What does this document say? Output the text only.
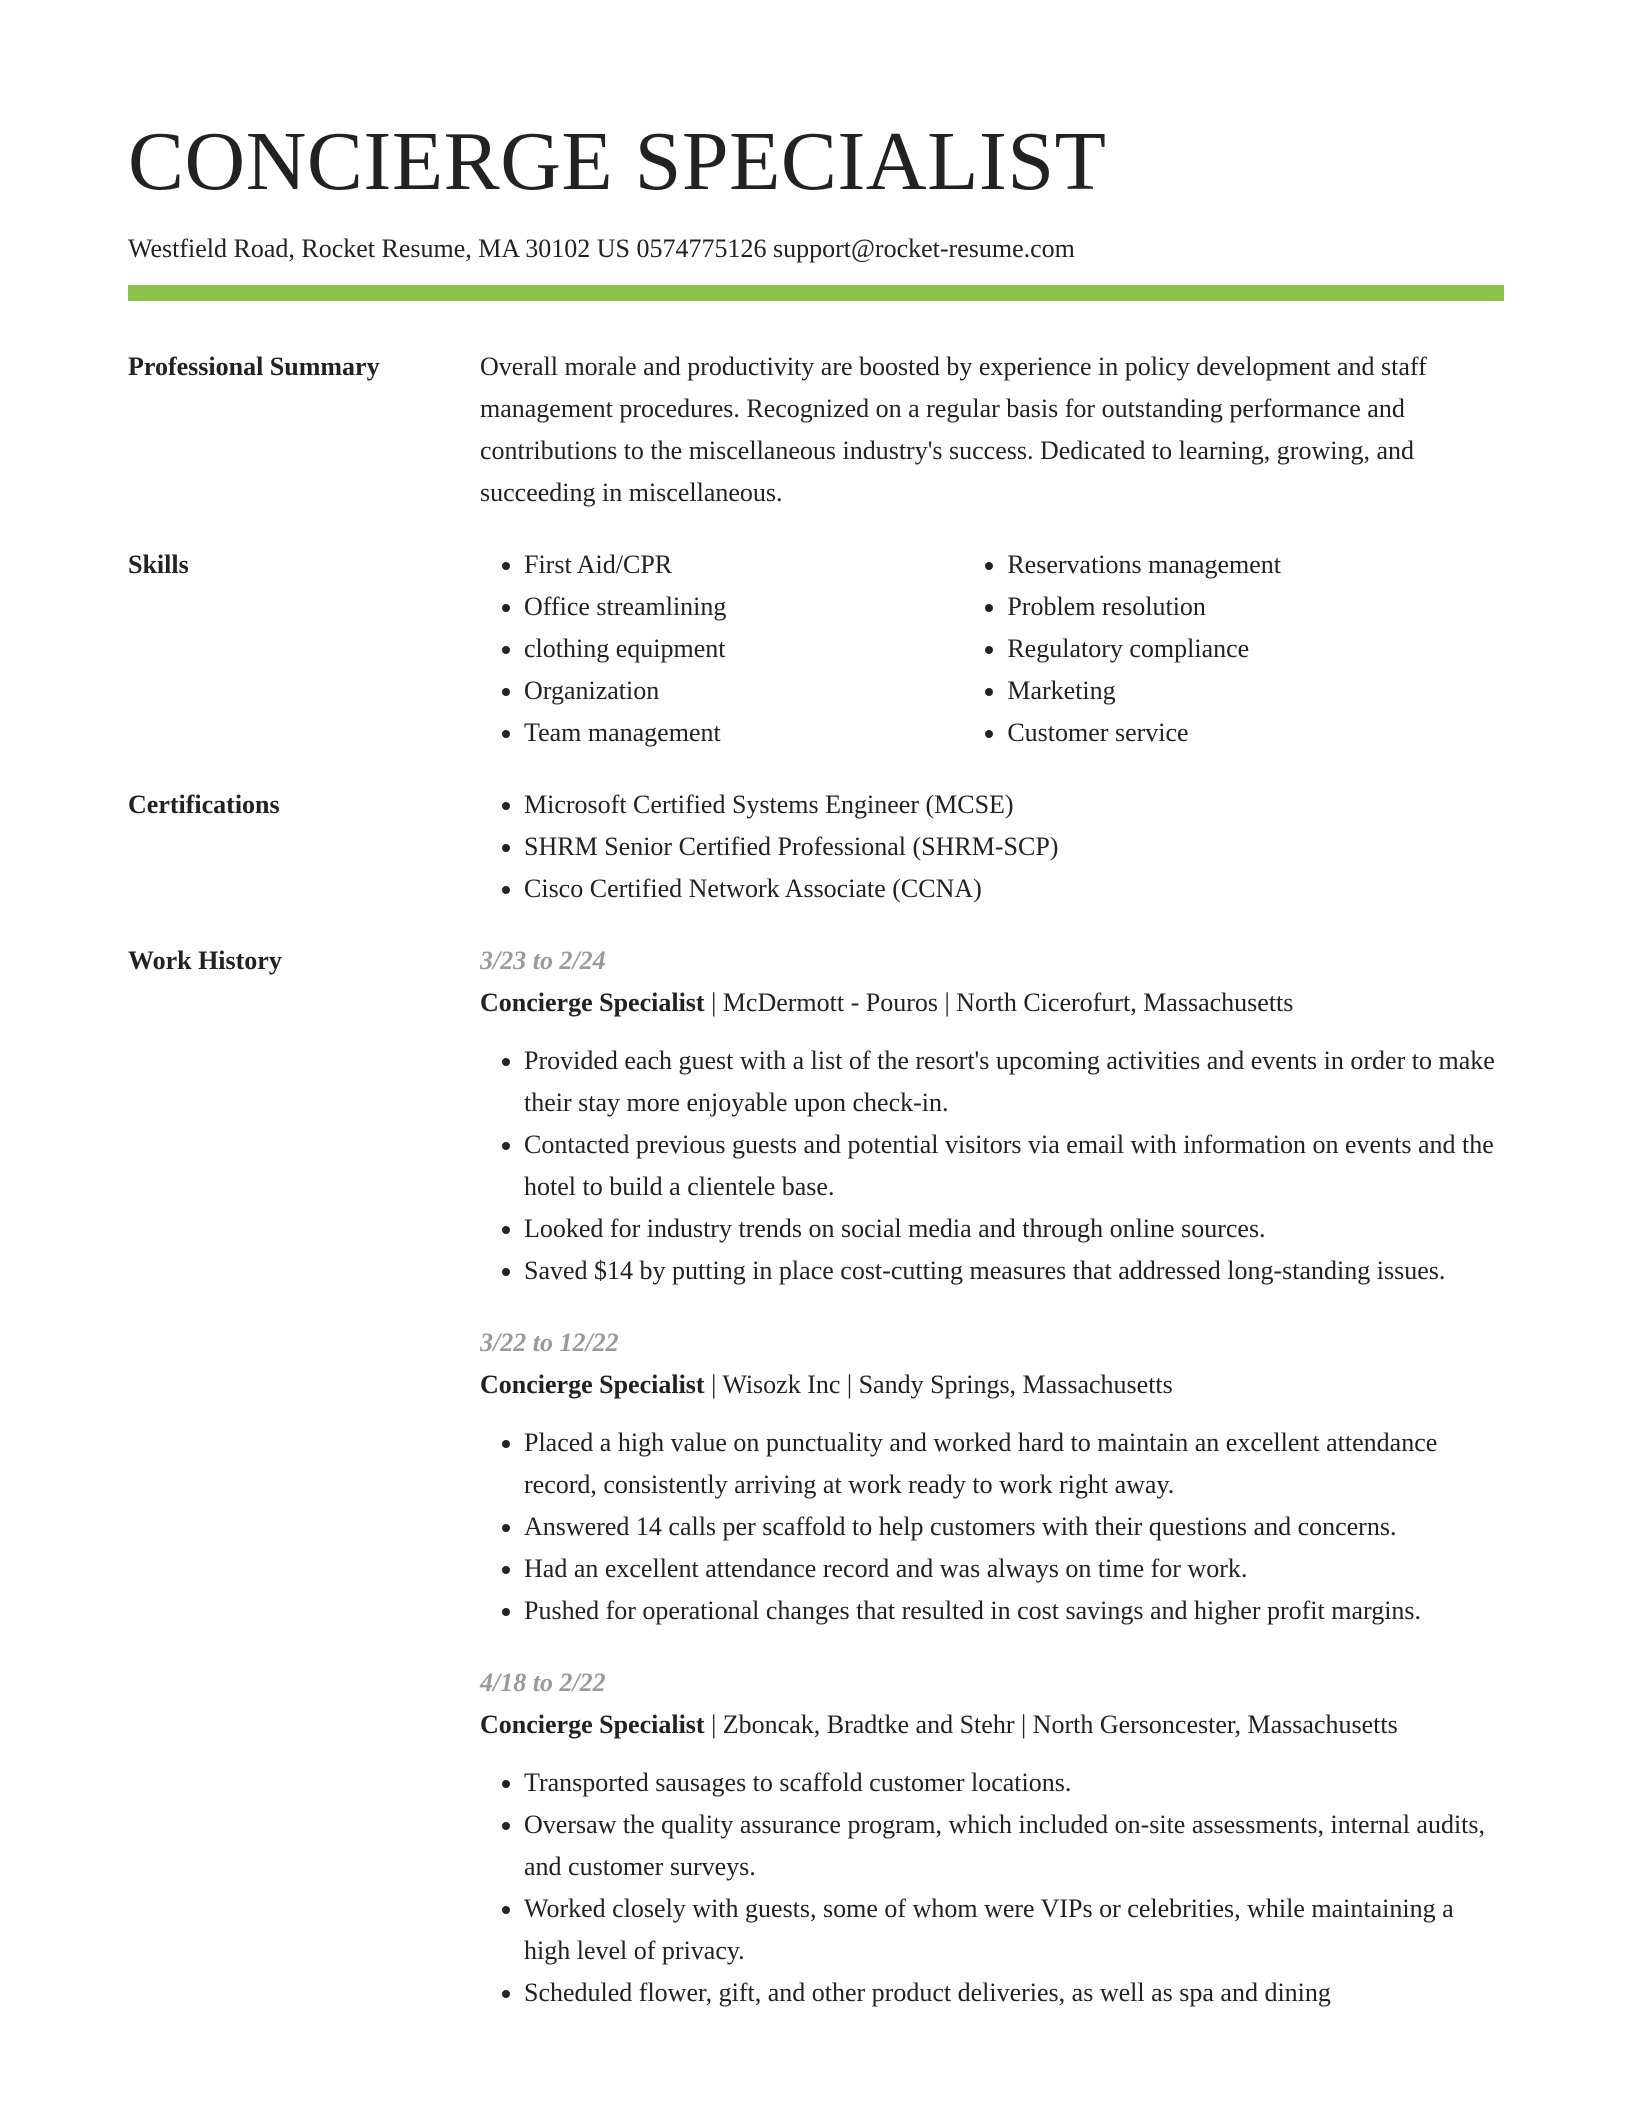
CONCIERGE SPECIALIST
Westfield Road, Rocket Resume, MA 30102 US 0574775126 support@rocket-resume.com
Professional Summary	Overall morale and productivity are boosted by experience in policy development and staff management procedures. Recognized on a regular basis for outstanding performance and contributions to the miscellaneous industry's success. Dedicated to learning, growing, and succeeding in miscellaneous.

Skills	• First Aid/CPR
• Office streamlining
• clothing equipment
• Organization
• Team management
• Reservations management
• Problem resolution
• Regulatory compliance
• Marketing
• Customer service
Certifications	• Microsoft Certified Systems Engineer (MCSE)
• SHRM Senior Certified Professional (SHRM-SCP)
• Cisco Certified Network Associate (CCNA)
Work History	3/23 to 2/24
Concierge Specialist | McDermott - Pouros | North Cicerofurt, Massachusetts
• Provided each guest with a list of the resort's upcoming activities and events in order to make their stay more enjoyable upon check-in.
• Contacted previous guests and potential visitors via email with information on events and the hotel to build a clientele base.
• Looked for industry trends on social media and through online sources.
• Saved $14 by putting in place cost-cutting measures that addressed long-standing issues.
3/22 to 12/22
Concierge Specialist | Wisozk Inc | Sandy Springs, Massachusetts
• Placed a high value on punctuality and worked hard to maintain an excellent attendance record, consistently arriving at work ready to work right away.
• Answered 14 calls per scaffold to help customers with their questions and concerns.
• Had an excellent attendance record and was always on time for work.
• Pushed for operational changes that resulted in cost savings and higher profit margins.
4/18 to 2/22
Concierge Specialist | Zboncak, Bradtke and Stehr | North Gersoncester, Massachusetts
• Transported sausages to scaffold customer locations.
• Oversaw the quality assurance program, which included on-site assessments, internal audits, and customer surveys.
• Worked closely with guests, some of whom were VIPs or celebrities, while maintaining a high level of privacy.
• Scheduled flower, gift, and other product deliveries, as well as spa and dining
